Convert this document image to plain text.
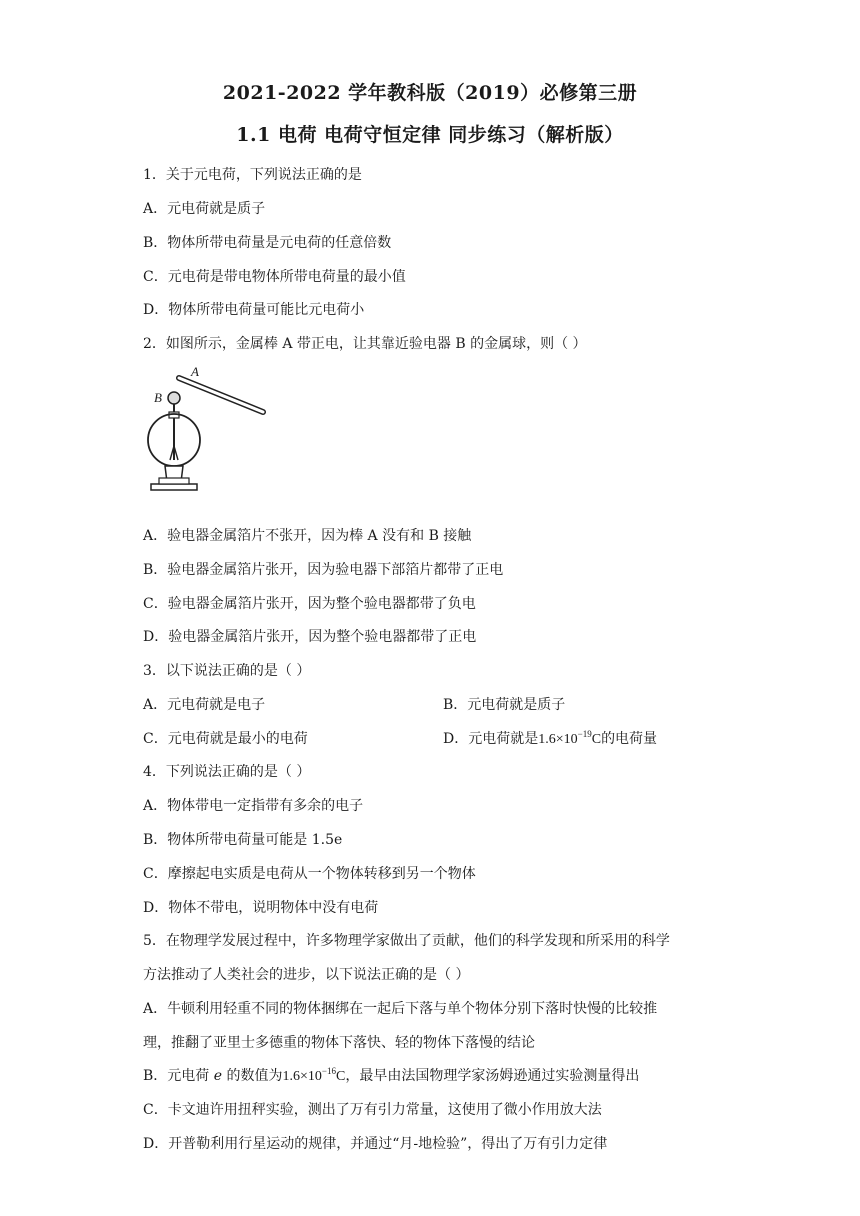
2021-2022 学年教科版（2019）必修第三册
1.1 电荷 电荷守恒定律 同步练习（解析版）
1．关于元电荷，下列说法正确的是
A．元电荷就是质子
B．物体所带电荷量是元电荷的任意倍数
C．元电荷是带电物体所带电荷量的最小值
D．物体所带电荷量可能比元电荷小
2．如图所示，金属棒 A 带正电，让其靠近验电器 B 的金属球，则（ ）
A
B
A．验电器金属箔片不张开，因为棒 A 没有和 B 接触
B．验电器金属箔片张开，因为验电器下部箔片都带了正电
C．验电器金属箔片张开，因为整个验电器都带了负电
D．验电器金属箔片张开，因为整个验电器都带了正电
3．以下说法正确的是（ ）
A．元电荷就是电子	B．元电荷就是质子
C．元电荷就是最小的电荷	D．元电荷就是$1.6\times 10^{-19}C$的电荷量
4．下列说法正确的是（ ）
A．物体带电一定指带有多余的电子
B．物体所带电荷量可能是 1.5e
C．摩擦起电实质是电荷从一个物体转移到另一个物体
D．物体不带电，说明物体中没有电荷
5．在物理学发展过程中，许多物理学家做出了贡献，他们的科学发现和所采用的科学
方法推动了人类社会的进步，以下说法正确的是（ ）
A．牛顿利用轻重不同的物体捆绑在一起后下落与单个物体分别下落时快慢的比较推
理，推翻了亚里士多德重的物体下落快、轻的物体下落慢的结论
B．元电荷 e 的数值为$1.6\times 10^{-16}C$，最早由法国物理学家汤姆逊通过实验测量得出
C．卡文迪许用扭秤实验，测出了万有引力常量，这使用了微小作用放大法
D．开普勒利用行星运动的规律，并通过“月-地检验”，得出了万有引力定律
